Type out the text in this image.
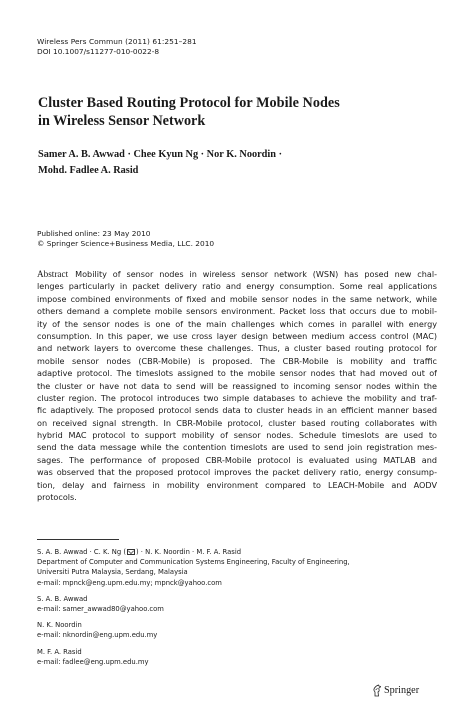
Wireless Pers Commun (2011) 61:251–281
DOI 10.1007/s11277-010-0022-8
Cluster Based Routing Protocol for Mobile Nodes
in Wireless Sensor Network
Samer A. B. Awwad · Chee Kyun Ng · Nor K. Noordin ·
Mohd. Fadlee A. Rasid
Published online: 23 May 2010
© Springer Science+Business Media, LLC. 2010
Abstract Mobility of sensor nodes in wireless sensor network (WSN) has posed new chal-
lenges particularly in packet delivery ratio and energy consumption. Some real applications
impose combined environments of fixed and mobile sensor nodes in the same network, while
others demand a complete mobile sensors environment. Packet loss that occurs due to mobil-
ity of the sensor nodes is one of the main challenges which comes in parallel with energy
consumption. In this paper, we use cross layer design between medium access control (MAC)
and network layers to overcome these challenges. Thus, a cluster based routing protocol for
mobile sensor nodes (CBR-Mobile) is proposed. The CBR-Mobile is mobility and traffic
adaptive protocol. The timeslots assigned to the mobile sensor nodes that had moved out of
the cluster or have not data to send will be reassigned to incoming sensor nodes within the
cluster region. The protocol introduces two simple databases to achieve the mobility and traf-
fic adaptively. The proposed protocol sends data to cluster heads in an efficient manner based
on received signal strength. In CBR-Mobile protocol, cluster based routing collaborates with
hybrid MAC protocol to support mobility of sensor nodes. Schedule timeslots are used to
send the data message while the contention timeslots are used to send join registration mes-
sages. The performance of proposed CBR-Mobile protocol is evaluated using MATLAB and
was observed that the proposed protocol improves the packet delivery ratio, energy consump-
tion, delay and fairness in mobility environment compared to LEACH-Mobile and AODV
protocols.
S. A. B. Awwad · C. K. Ng ( ) · N. K. Noordin · M. F. A. Rasid
Department of Computer and Communication Systems Engineering, Faculty of Engineering,
Universiti Putra Malaysia, Serdang, Malaysia
e-mail: mpnck@eng.upm.edu.my; mpnck@yahoo.com
S. A. B. Awwad
e-mail: samer_awwad80@yahoo.com
N. K. Noordin
e-mail: nknordin@eng.upm.edu.my
M. F. A. Rasid
e-mail: fadlee@eng.upm.edu.my
Springer
